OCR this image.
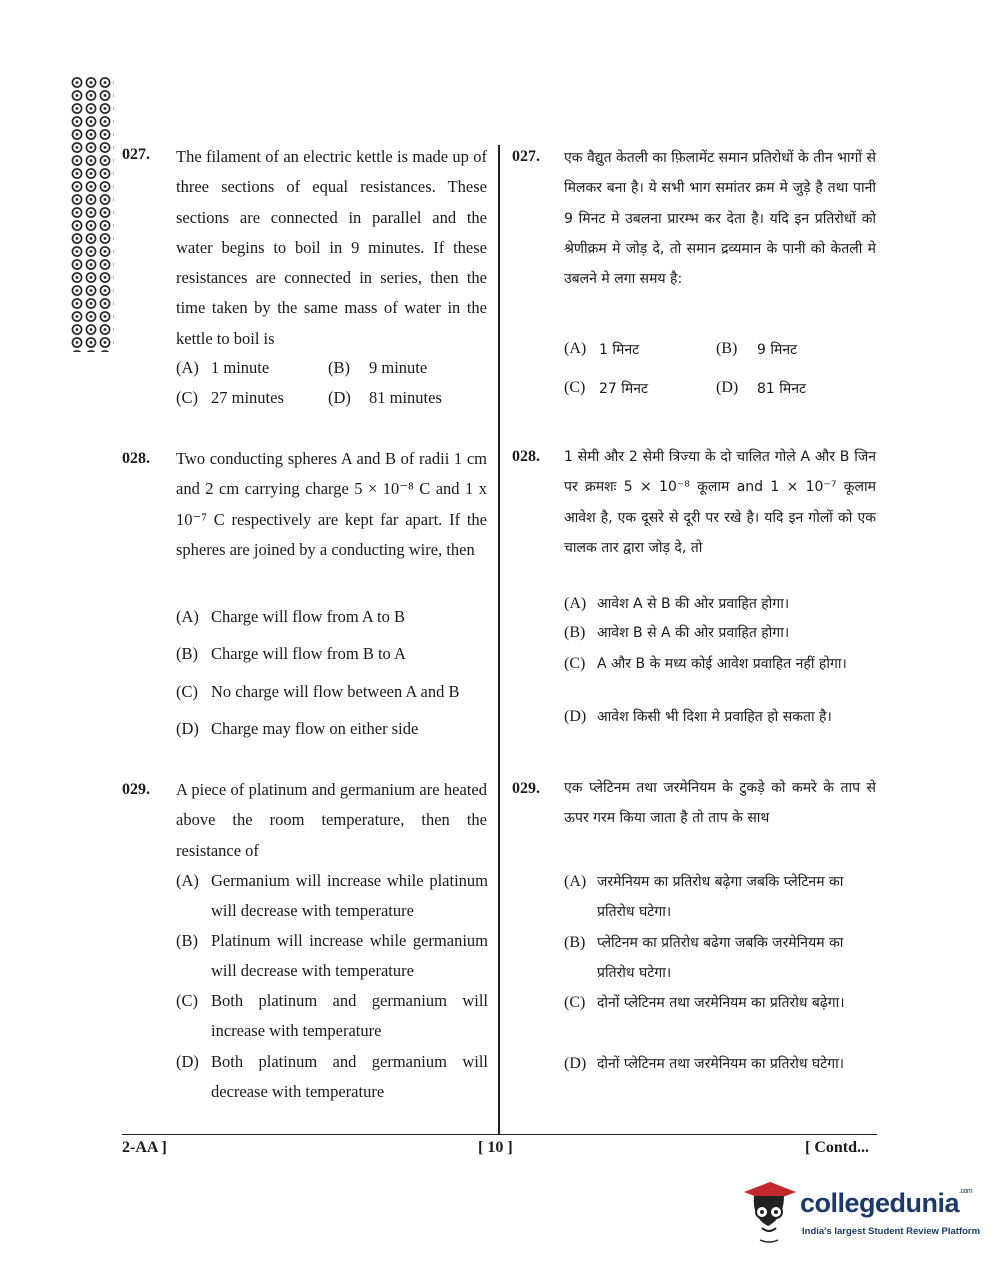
027. The filament of an electric kettle is made up of three sections of equal resistances. These sections are connected in parallel and the water begins to boil in 9 minutes. If these resistances are connected in series, then the time taken by the same mass of water in the kettle to boil is
(A) 1 minute	(B)	9 minute
(C) 27 minutes	(D)	81 minutes
027. एक वैद्युत केतली का फ़िलामेंट समान प्रतिरोधों के तीन भागों से मिलकर बना है। ये सभी भाग समांतर क्रम मे जुड़े है तथा पानी 9 मिनट मे उबलना प्रारम्भ कर देता है। यदि इन प्रतिरोधों को श्रेणीक्रम मे जोड़ दे, तो समान द्रव्यमान के पानी को केतली मे उबलने मे लगा समय है:
(A) 1 मिनट	(B)	9 मिनट
(C) 27 मिनट	(D)	81 मिनट
028. Two conducting spheres A and B of radii 1 cm and 2 cm carrying charge 5 × 10⁻⁸ C and 1 x 10⁻⁷ C respectively are kept far apart. If the spheres are joined by a conducting wire, then
(A) Charge will flow from A to B
(B) Charge will flow from B to A
(C) No charge will flow between A and B
(D) Charge may flow on either side
028. 1 सेमी और 2 सेमी त्रिज्या के दो चालित गोले A और B जिन पर क्रमशः 5 × 10⁻⁸ कूलाम and 1 × 10⁻⁷ कूलाम आवेश है, एक दूसरे से दूरी पर रखे है। यदि इन गोलों को एक चालक तार द्वारा जोड़ दे, तो
(A) आवेश A से B की ओर प्रवाहित होगा।
(B) आवेश B से A की ओर प्रवाहित होगा।
(C) A और B के मध्य कोई आवेश प्रवाहित नहीं होगा।
(D) आवेश किसी भी दिशा मे प्रवाहित हो सकता है।
029. A piece of platinum and germanium are heated above the room temperature, then the resistance of
(A) Germanium will increase while platinum will decrease with temperature
(B) Platinum will increase while germanium will decrease with temperature
(C) Both platinum and germanium will increase with temperature
(D) Both platinum and germanium will decrease with temperature
029. एक प्लेटिनम तथा जरमेनियम के टुकड़े को कमरे के ताप से ऊपर गरम किया जाता है तो ताप के साथ
(A) जरमेनियम का प्रतिरोध बढ़ेगा जबकि प्लेटिनम का प्रतिरोध घटेगा।
(B) प्लेटिनम का प्रतिरोध बढेगा जबकि जरमेनियम का प्रतिरोध घटेगा।
(C) दोनों प्लेटिनम तथा जरमेनियम का प्रतिरोध बढ़ेगा।
(D) दोनों प्लेटिनम तथा जरमेनियम का प्रतिरोध घटेगा।
2-AA ]	[ 10 ]	[ Contd...
collegedunia$^{.com}$
India's largest Student Review Platform
